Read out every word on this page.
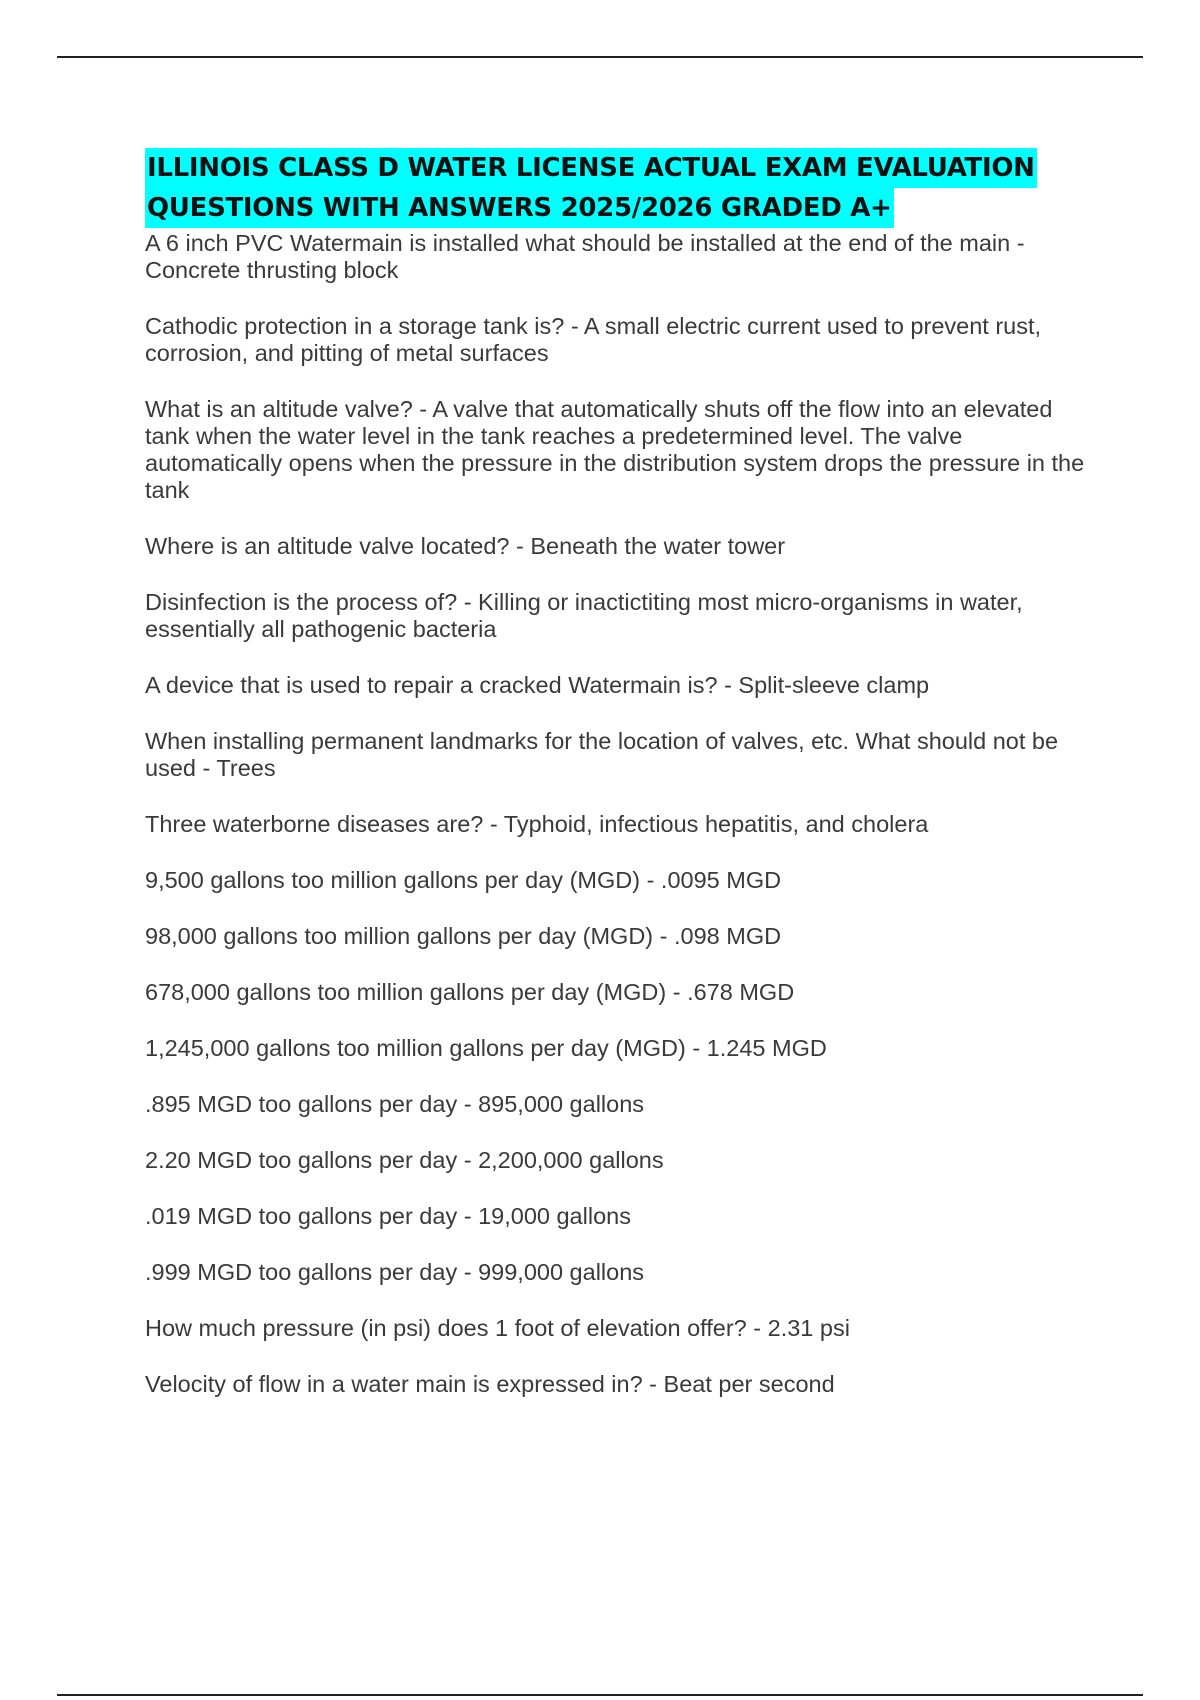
ILLINOIS CLASS D WATER LICENSE ACTUAL EXAM EVALUATION
QUESTIONS WITH ANSWERS 2025/2026 GRADED A+
A 6 inch PVC Watermain is installed what should be installed at the end of the main - Concrete thrusting block
Cathodic protection in a storage tank is? - A small electric current used to prevent rust, corrosion, and pitting of metal surfaces
What is an altitude valve? - A valve that automatically shuts off the flow into an elevated tank when the water level in the tank reaches a predetermined level. The valve automatically opens when the pressure in the distribution system drops the pressure in the tank
Where is an altitude valve located? - Beneath the water tower
Disinfection is the process of? - Killing or inactictiting most micro-organisms in water, essentially all pathogenic bacteria
A device that is used to repair a cracked Watermain is? - Split-sleeve clamp
When installing permanent landmarks for the location of valves, etc. What should not be used - Trees
Three waterborne diseases are? - Typhoid, infectious hepatitis, and cholera
9,500 gallons too million gallons per day (MGD) - .0095 MGD
98,000 gallons too million gallons per day (MGD) - .098 MGD
678,000 gallons too million gallons per day (MGD) - .678 MGD
1,245,000 gallons too million gallons per day (MGD) - 1.245 MGD
.895 MGD too gallons per day - 895,000 gallons
2.20 MGD too gallons per day - 2,200,000 gallons
.019 MGD too gallons per day - 19,000 gallons
.999 MGD too gallons per day - 999,000 gallons
How much pressure (in psi) does 1 foot of elevation offer? - 2.31 psi
Velocity of flow in a water main is expressed in? - Beat per second
